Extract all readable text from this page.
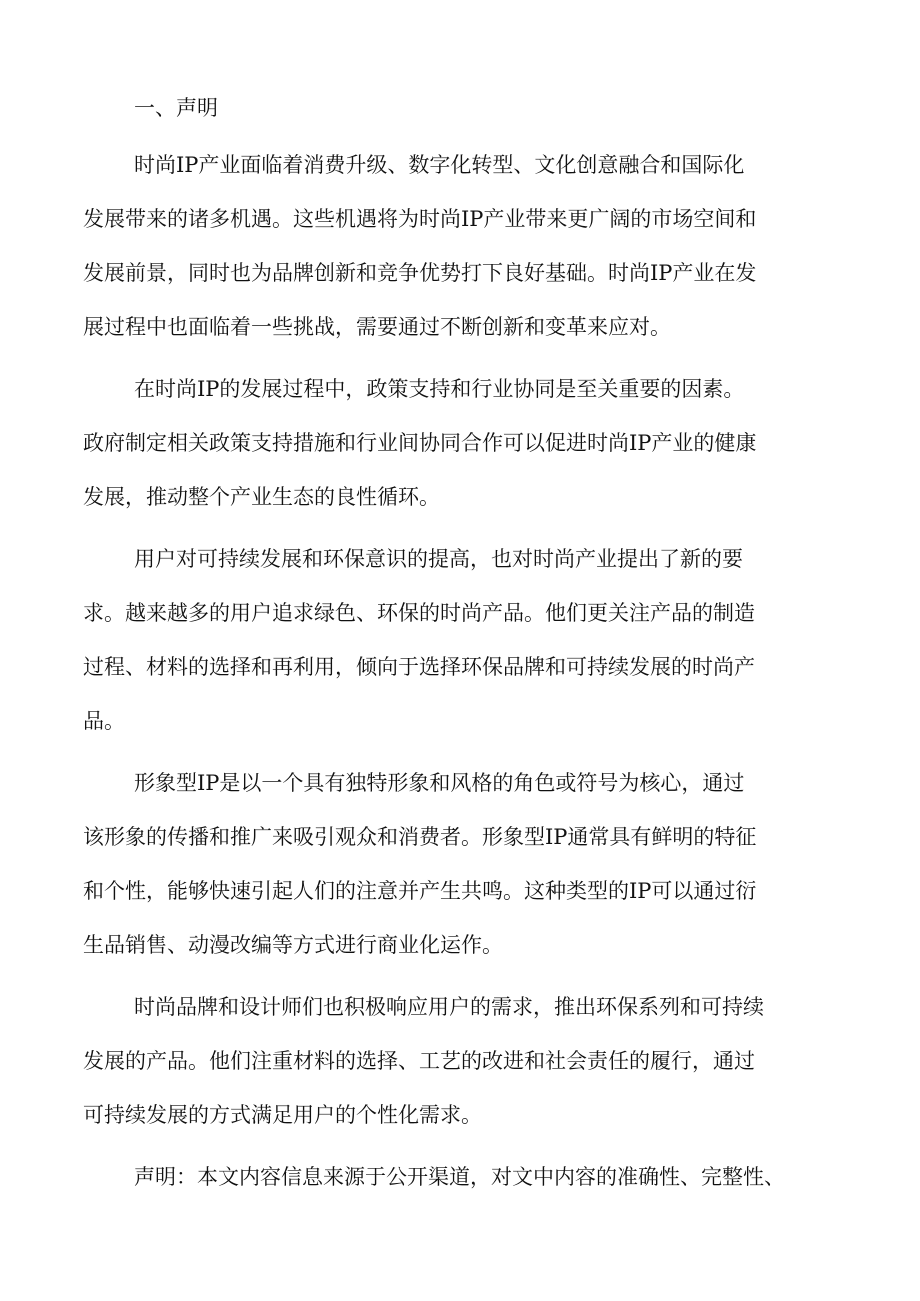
一、声明
时尚IP产业面临着消费升级、数字化转型、文化创意融合和国际化
发展带来的诸多机遇。这些机遇将为时尚IP产业带来更广阔的市场空间和
发展前景，同时也为品牌创新和竞争优势打下良好基础。时尚IP产业在发
展过程中也面临着一些挑战，需要通过不断创新和变革来应对。
在时尚IP的发展过程中，政策支持和行业协同是至关重要的因素。
政府制定相关政策支持措施和行业间协同合作可以促进时尚IP产业的健康
发展，推动整个产业生态的良性循环。
用户对可持续发展和环保意识的提高，也对时尚产业提出了新的要
求。越来越多的用户追求绿色、环保的时尚产品。他们更关注产品的制造
过程、材料的选择和再利用，倾向于选择环保品牌和可持续发展的时尚产
品。
形象型IP是以一个具有独特形象和风格的角色或符号为核心，通过
该形象的传播和推广来吸引观众和消费者。形象型IP通常具有鲜明的特征
和个性，能够快速引起人们的注意并产生共鸣。这种类型的IP可以通过衍
生品销售、动漫改编等方式进行商业化运作。
时尚品牌和设计师们也积极响应用户的需求，推出环保系列和可持续
发展的产品。他们注重材料的选择、工艺的改进和社会责任的履行，通过
可持续发展的方式满足用户的个性化需求。
声明：本文内容信息来源于公开渠道，对文中内容的准确性、完整性、
